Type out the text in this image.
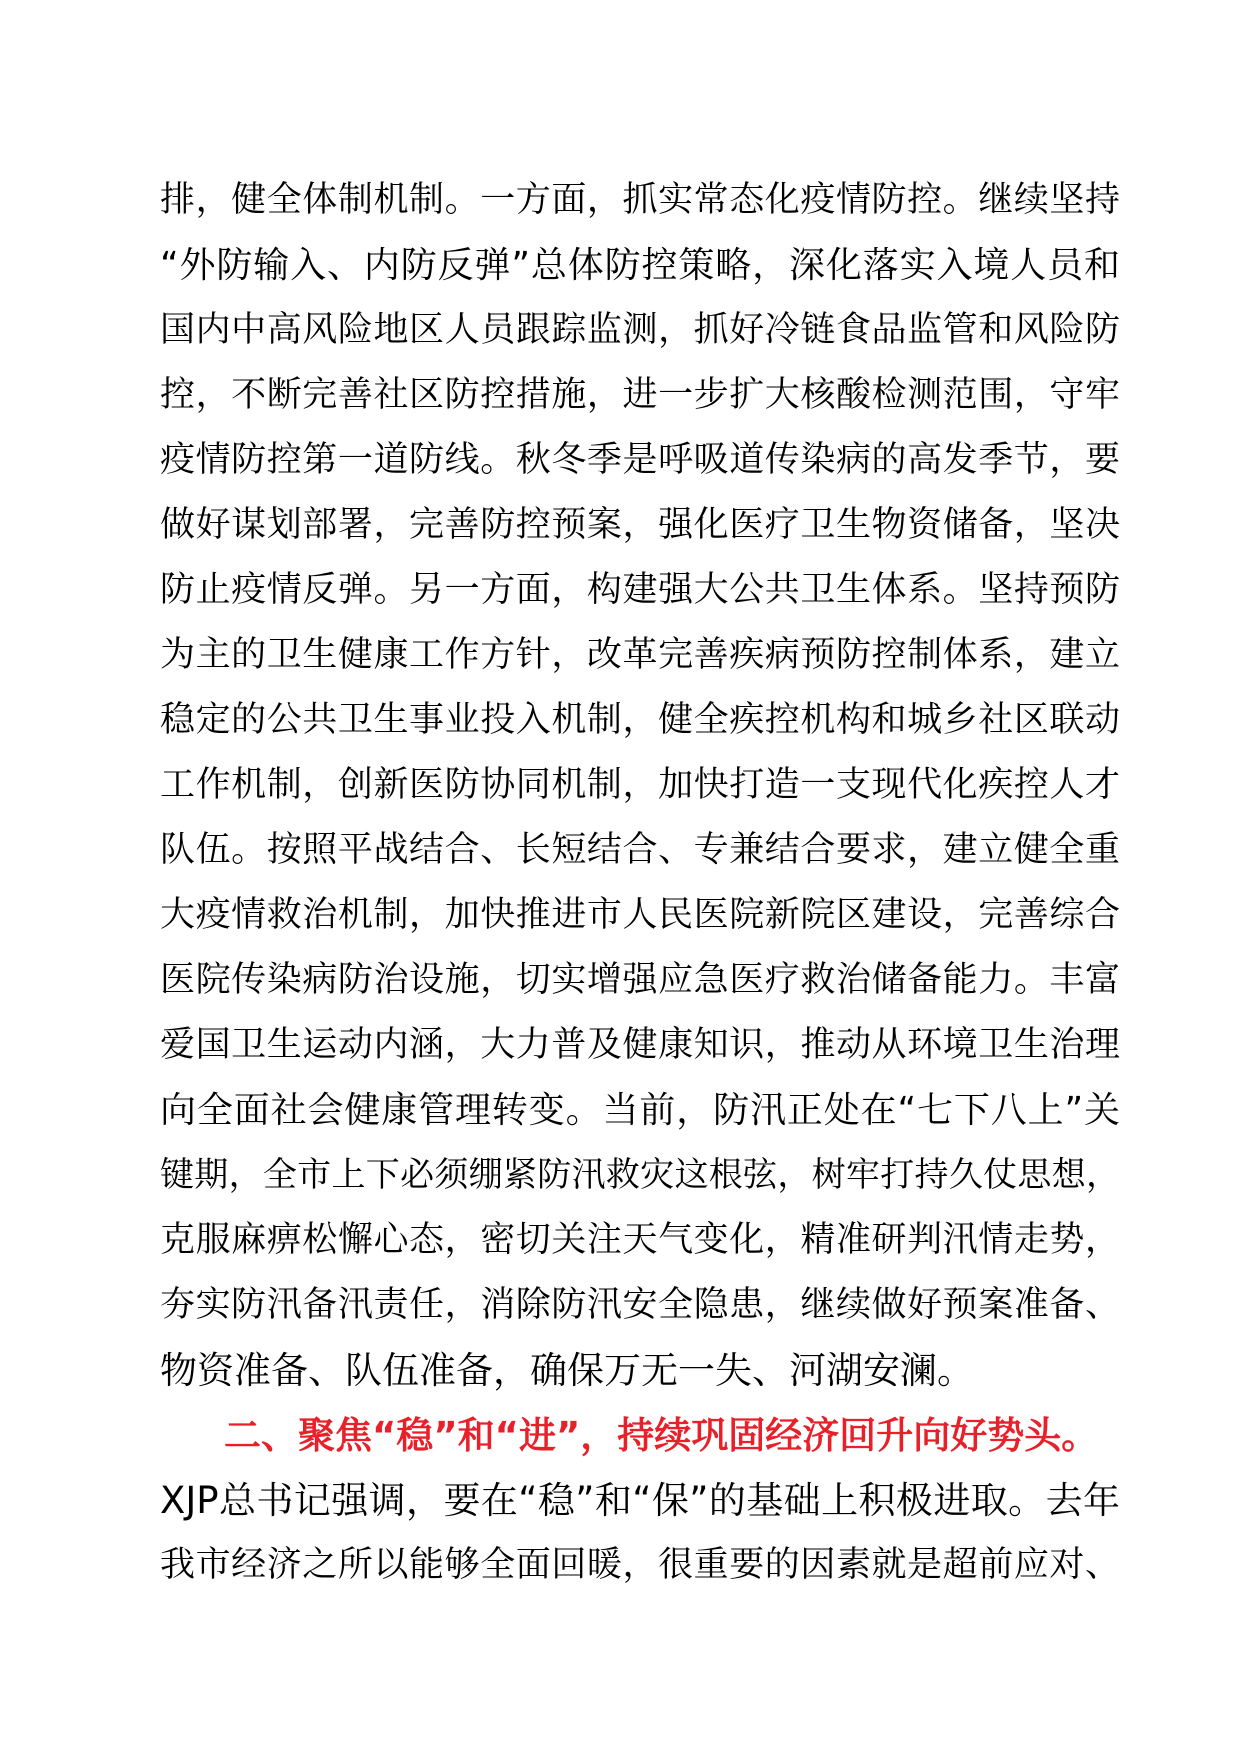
排，健全体制机制。一方面，抓实常态化疫情防控。继续坚持
“外防输入、内防反弹”总体防控策略，深化落实入境人员和
国内中高风险地区人员跟踪监测，抓好冷链食品监管和风险防
控，不断完善社区防控措施，进一步扩大核酸检测范围，守牢
疫情防控第一道防线。秋冬季是呼吸道传染病的高发季节，要
做好谋划部署，完善防控预案，强化医疗卫生物资储备，坚决
防止疫情反弹。另一方面，构建强大公共卫生体系。坚持预防
为主的卫生健康工作方针，改革完善疾病预防控制体系，建立
稳定的公共卫生事业投入机制，健全疾控机构和城乡社区联动
工作机制，创新医防协同机制，加快打造一支现代化疾控人才
队伍。按照平战结合、长短结合、专兼结合要求，建立健全重
大疫情救治机制，加快推进市人民医院新院区建设，完善综合
医院传染病防治设施，切实增强应急医疗救治储备能力。丰富
爱国卫生运动内涵，大力普及健康知识，推动从环境卫生治理
向全面社会健康管理转变。当前，防汛正处在“七下八上”关
键期，全市上下必须绷紧防汛救灾这根弦，树牢打持久仗思想，
克服麻痹松懈心态，密切关注天气变化，精准研判汛情走势，
夯实防汛备汛责任，消除防汛安全隐患，继续做好预案准备、
物资准备、队伍准备，确保万无一失、河湖安澜。
二、聚焦“稳”和“进”，持续巩固经济回升向好势头。
XJP总书记强调，要在“稳”和“保”的基础上积极进取。去年
我市经济之所以能够全面回暖，很重要的因素就是超前应对、
